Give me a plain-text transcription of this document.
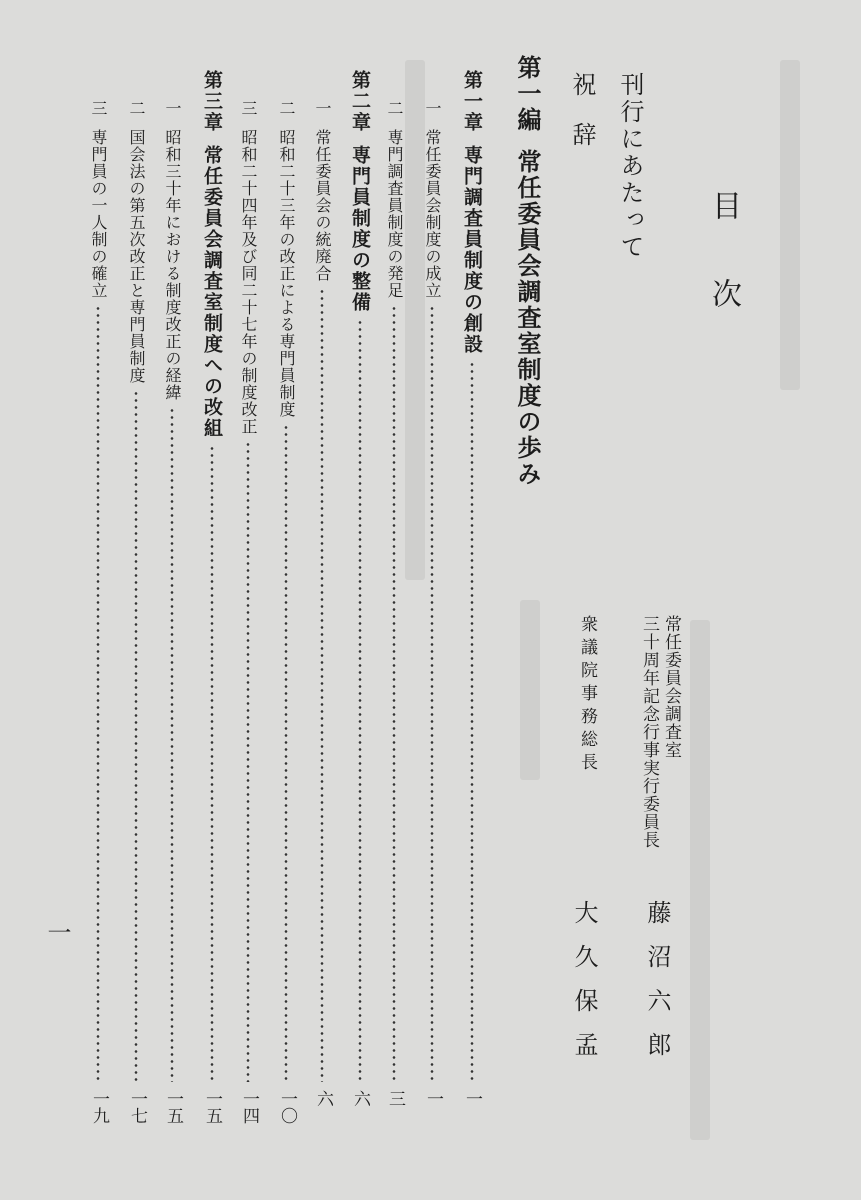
目次
刊行にあたって
祝辞
常任委員会調査室
三十周年記念行事実行委員長
藤沼六郎
衆議院事務総長
大久保孟
第一編常任委員会調査室制度の歩み
第一章専門調査員制度の創設
一
一常任委員会制度の成立
一
二専門調査員制度の発足
三
第二章専門員制度の整備
六
一常任委員会の統廃合
六
二昭和二十三年の改正による専門員制度
一〇
三昭和二十四年及び同二十七年の制度改正
一四
第三章常任委員会調査室制度への改組
一五
一昭和三十年における制度改正の経緯
一五
二国会法の第五次改正と専門員制度
一七
三専門員の一人制の確立
一九
一
